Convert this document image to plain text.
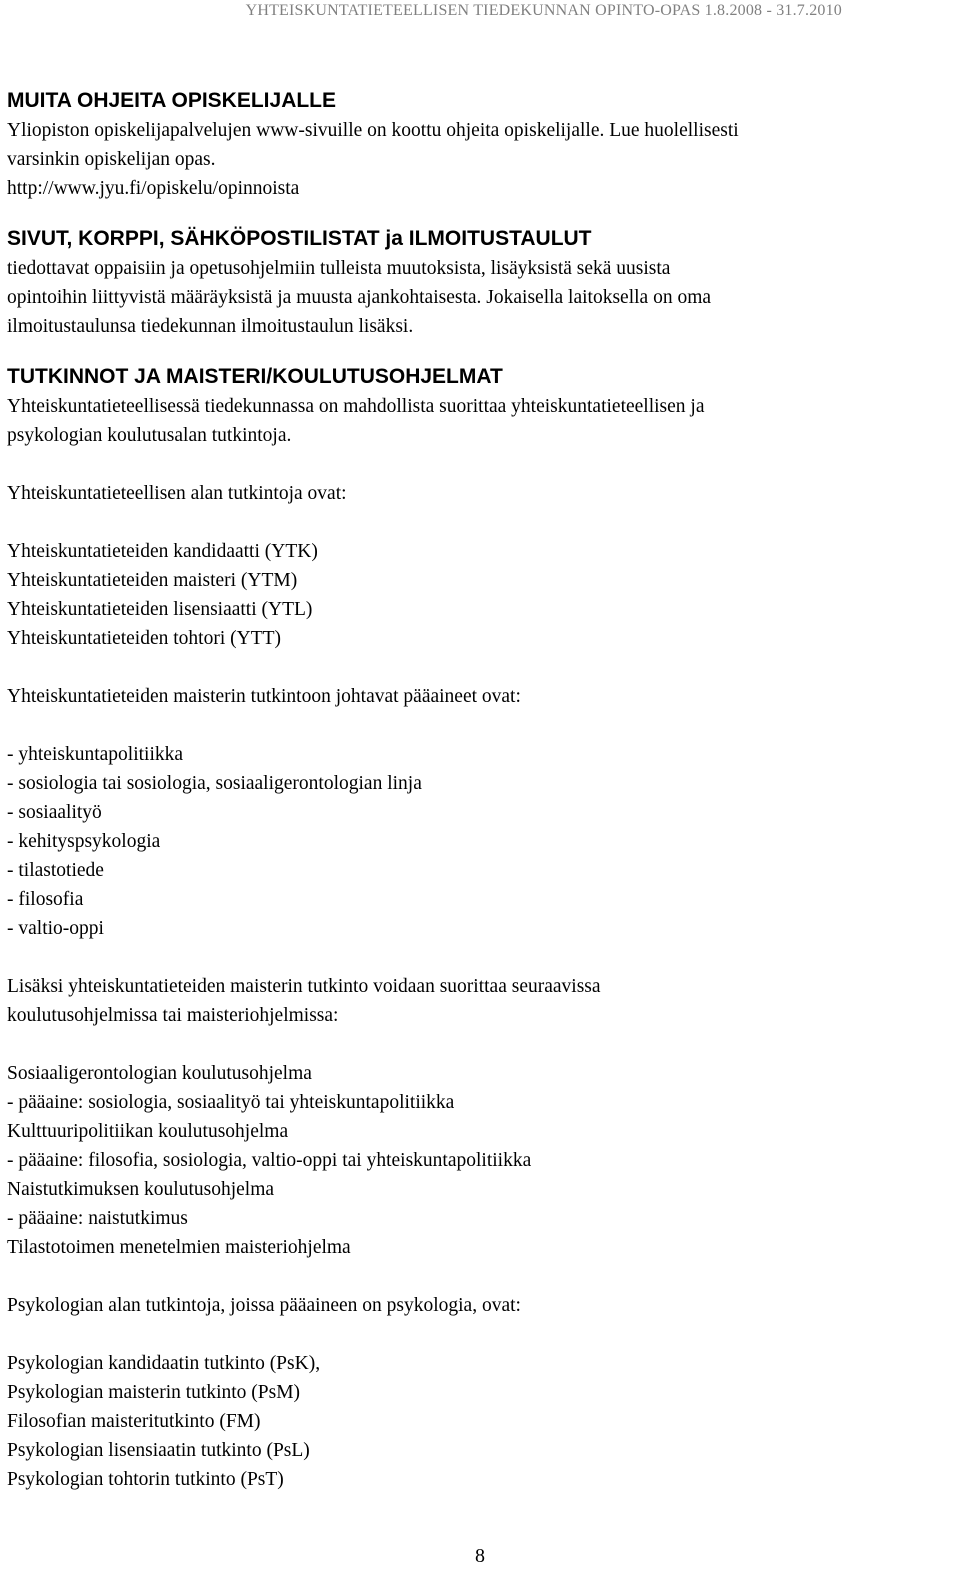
YHTEISKUNTATIETEELLISEN TIEDEKUNNAN OPINTO-OPAS 1.8.2008 - 31.7.2010
MUITA OHJEITA OPISKELIJALLE
Yliopiston opiskelijapalvelujen www-sivuille on koottu ohjeita opiskelijalle. Lue huolellisesti
varsinkin opiskelijan opas.
http://www.jyu.fi/opiskelu/opinnoista
SIVUT, KORPPI, SÄHKÖPOSTILISTAT ja ILMOITUSTAULUT
tiedottavat oppaisiin ja opetusohjelmiin tulleista muutoksista, lisäyksistä sekä uusista
opintoihin liittyvistä määräyksistä ja muusta ajankohtaisesta. Jokaisella laitoksella on oma
ilmoitustaulunsa tiedekunnan ilmoitustaulun lisäksi.
TUTKINNOT JA MAISTERI/KOULUTUSOHJELMAT
Yhteiskuntatieteellisessä tiedekunnassa on mahdollista suorittaa yhteiskuntatieteellisen ja
psykologian koulutusalan tutkintoja.
Yhteiskuntatieteellisen alan tutkintoja ovat:
Yhteiskuntatieteiden kandidaatti (YTK)
Yhteiskuntatieteiden maisteri (YTM)
Yhteiskuntatieteiden lisensiaatti (YTL)
Yhteiskuntatieteiden tohtori (YTT)
Yhteiskuntatieteiden maisterin tutkintoon johtavat pääaineet ovat:
- yhteiskuntapolitiikka
- sosiologia tai sosiologia, sosiaaligerontologian linja
- sosiaalityö
- kehityspsykologia
- tilastotiede
- filosofia
- valtio-oppi
Lisäksi yhteiskuntatieteiden maisterin tutkinto voidaan suorittaa seuraavissa
koulutusohjelmissa tai maisteriohjelmissa:
Sosiaaligerontologian koulutusohjelma
- pääaine: sosiologia, sosiaalityö tai yhteiskuntapolitiikka
Kulttuuripolitiikan koulutusohjelma
- pääaine: filosofia, sosiologia, valtio-oppi tai yhteiskuntapolitiikka
Naistutkimuksen koulutusohjelma
- pääaine: naistutkimus
Tilastotoimen menetelmien maisteriohjelma
Psykologian alan tutkintoja, joissa pääaineen on psykologia, ovat:
Psykologian kandidaatin tutkinto (PsK),
Psykologian maisterin tutkinto (PsM)
Filosofian maisteritutkinto (FM)
Psykologian lisensiaatin tutkinto (PsL)
Psykologian tohtorin tutkinto (PsT)
8
